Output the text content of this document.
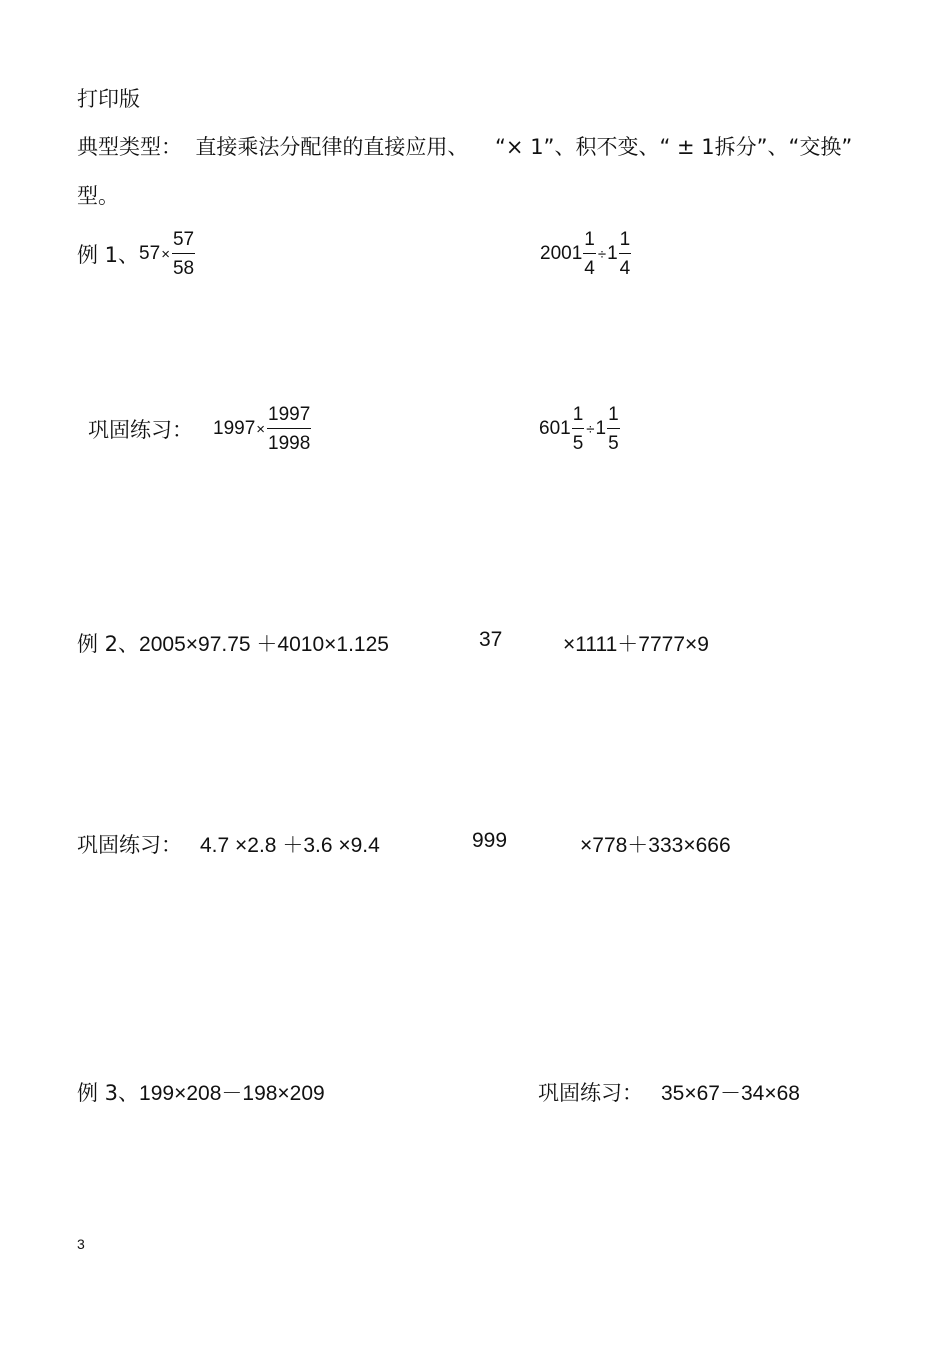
打印版
典型类型：  直接乘法分配律的直接应用、    “× 1”、积不变、“ ± 1拆分”、“交换”
型。
例 1、 $57 \times \frac{57}{58}$	$2001 \frac{1}{4} \div 1 \frac{1}{4}$
巩固练习： $1997 \times \frac{1997}{1998}$	$601 \frac{1}{5} \div 1 \frac{1}{5}$
例 2、2005×97.75 ＋4010×1.125	37	×1111＋7777×9
巩固练习： 4.7 ×2.8 ＋3.6 ×9.4	999	×778＋333×666
例 3、199×208－198×209	巩固练习： 35×67－34×68
3
